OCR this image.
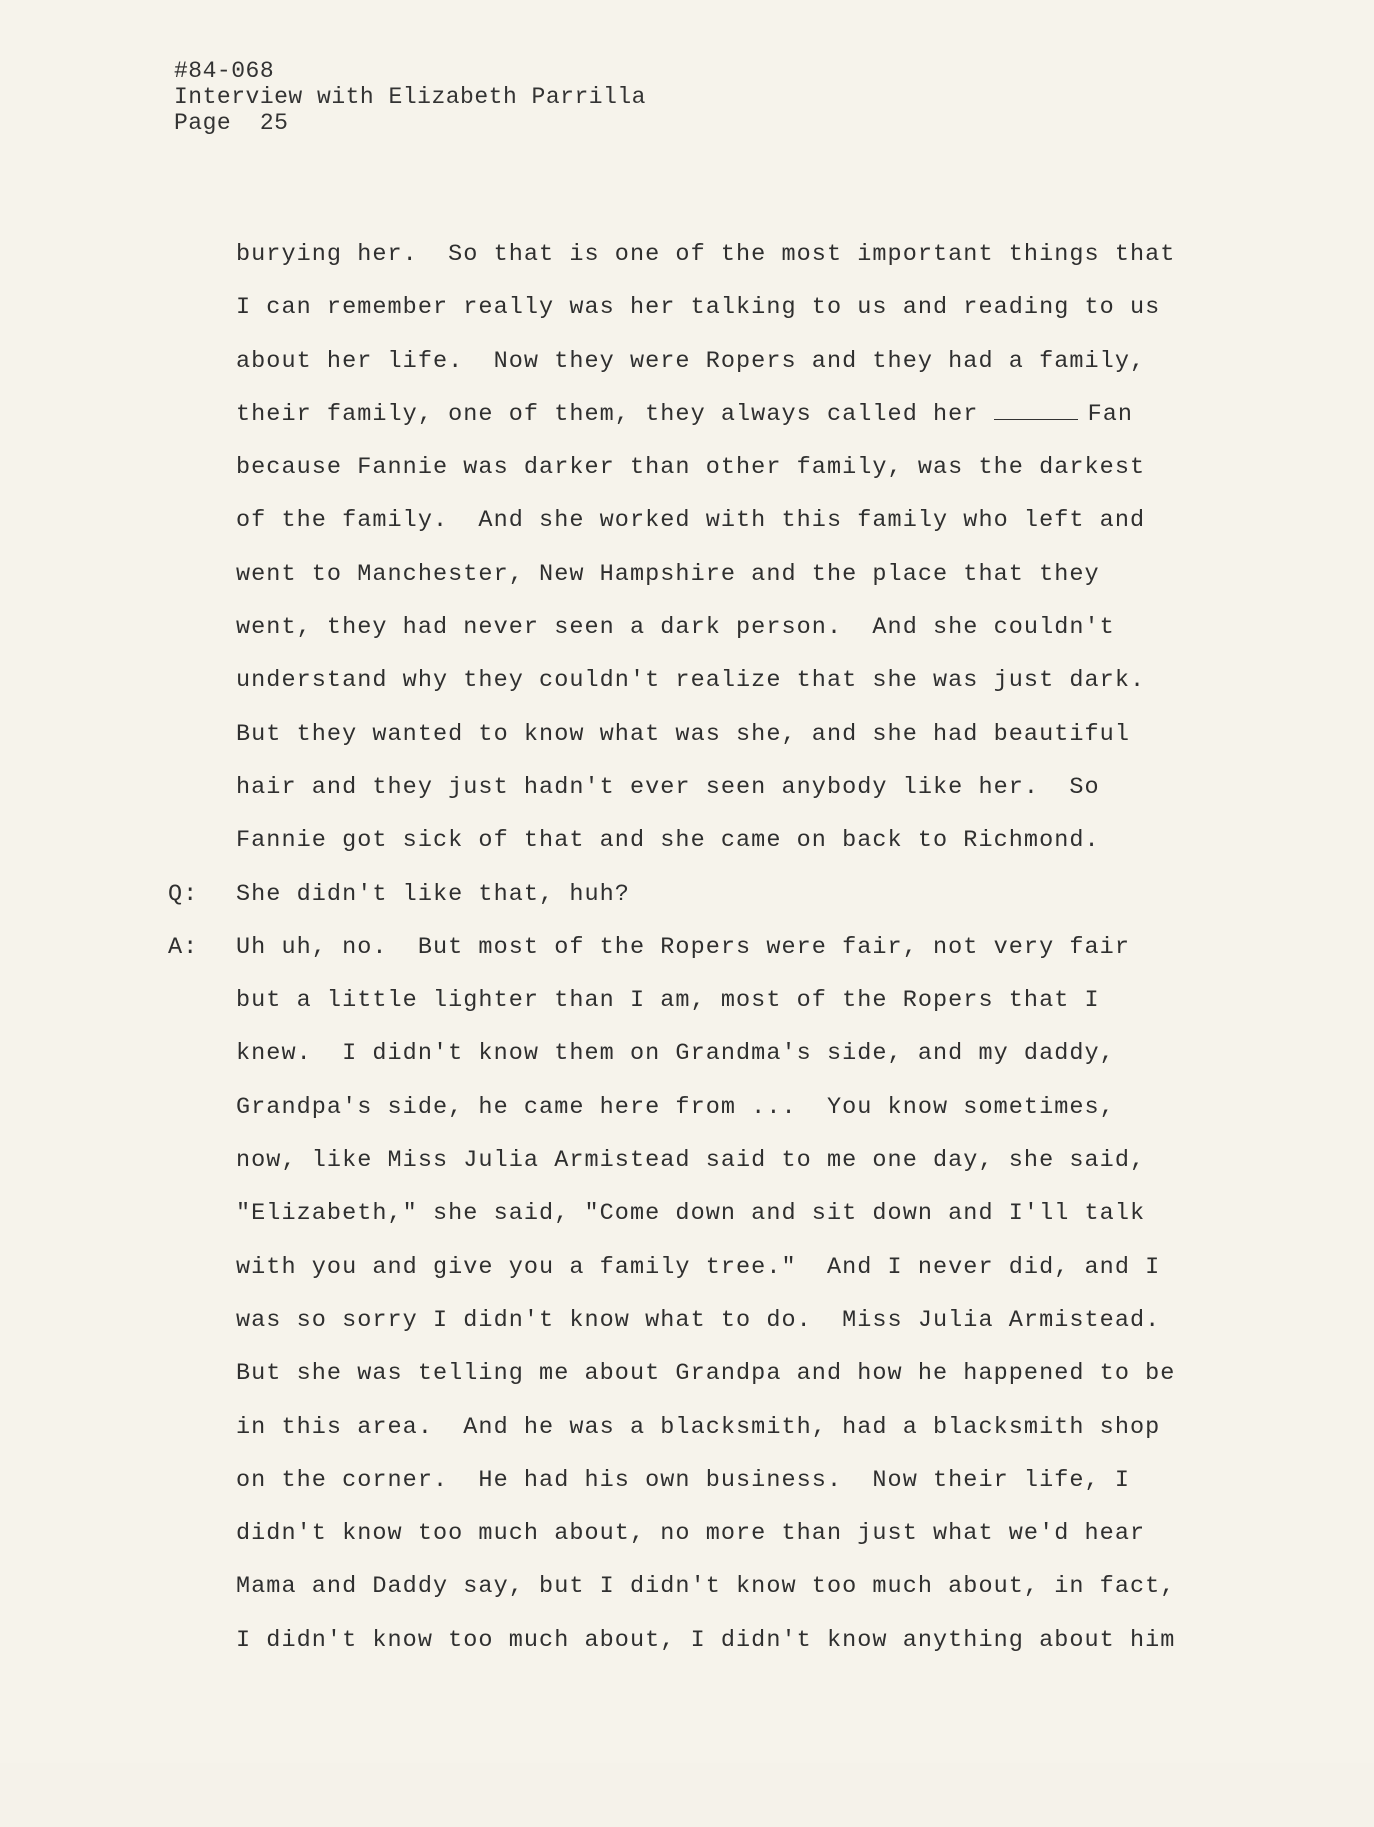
#84-068
Interview with Elizabeth Parrilla
Page  25

burying her.  So that is one of the most important things that

I can remember really was her talking to us and reading to us

about her life.  Now they were Ropers and they had a family,

their family, one of them, they always called her	Fan

because Fannie was darker than other family, was the darkest

of the family.  And she worked with this family who left and

went to Manchester, New Hampshire and the place that they

went, they had never seen a dark person.  And she couldn't

understand why they couldn't realize that she was just dark.

But they wanted to know what was she, and she had beautiful

hair and they just hadn't ever seen anybody like her.  So

Fannie got sick of that and she came on back to Richmond.

Q:

	She didn't like that, huh?

A:

	Uh uh, no.  But most of the Ropers were fair, not very fair

but a little lighter than I am, most of the Ropers that I

knew.  I didn't know them on Grandma's side, and my daddy,

Grandpa's side, he came here from ...  You know sometimes,

now, like Miss Julia Armistead said to me one day, she said,

"Elizabeth," she said, "Come down and sit down and I'll talk

with you and give you a family tree."  And I never did, and I

was so sorry I didn't know what to do.  Miss Julia Armistead.

But she was telling me about Grandpa and how he happened to be

in this area.  And he was a blacksmith, had a blacksmith shop

on the corner.  He had his own business.  Now their life, I

didn't know too much about, no more than just what we'd hear

Mama and Daddy say, but I didn't know too much about, in fact,

I didn't know too much about, I didn't know anything about him
